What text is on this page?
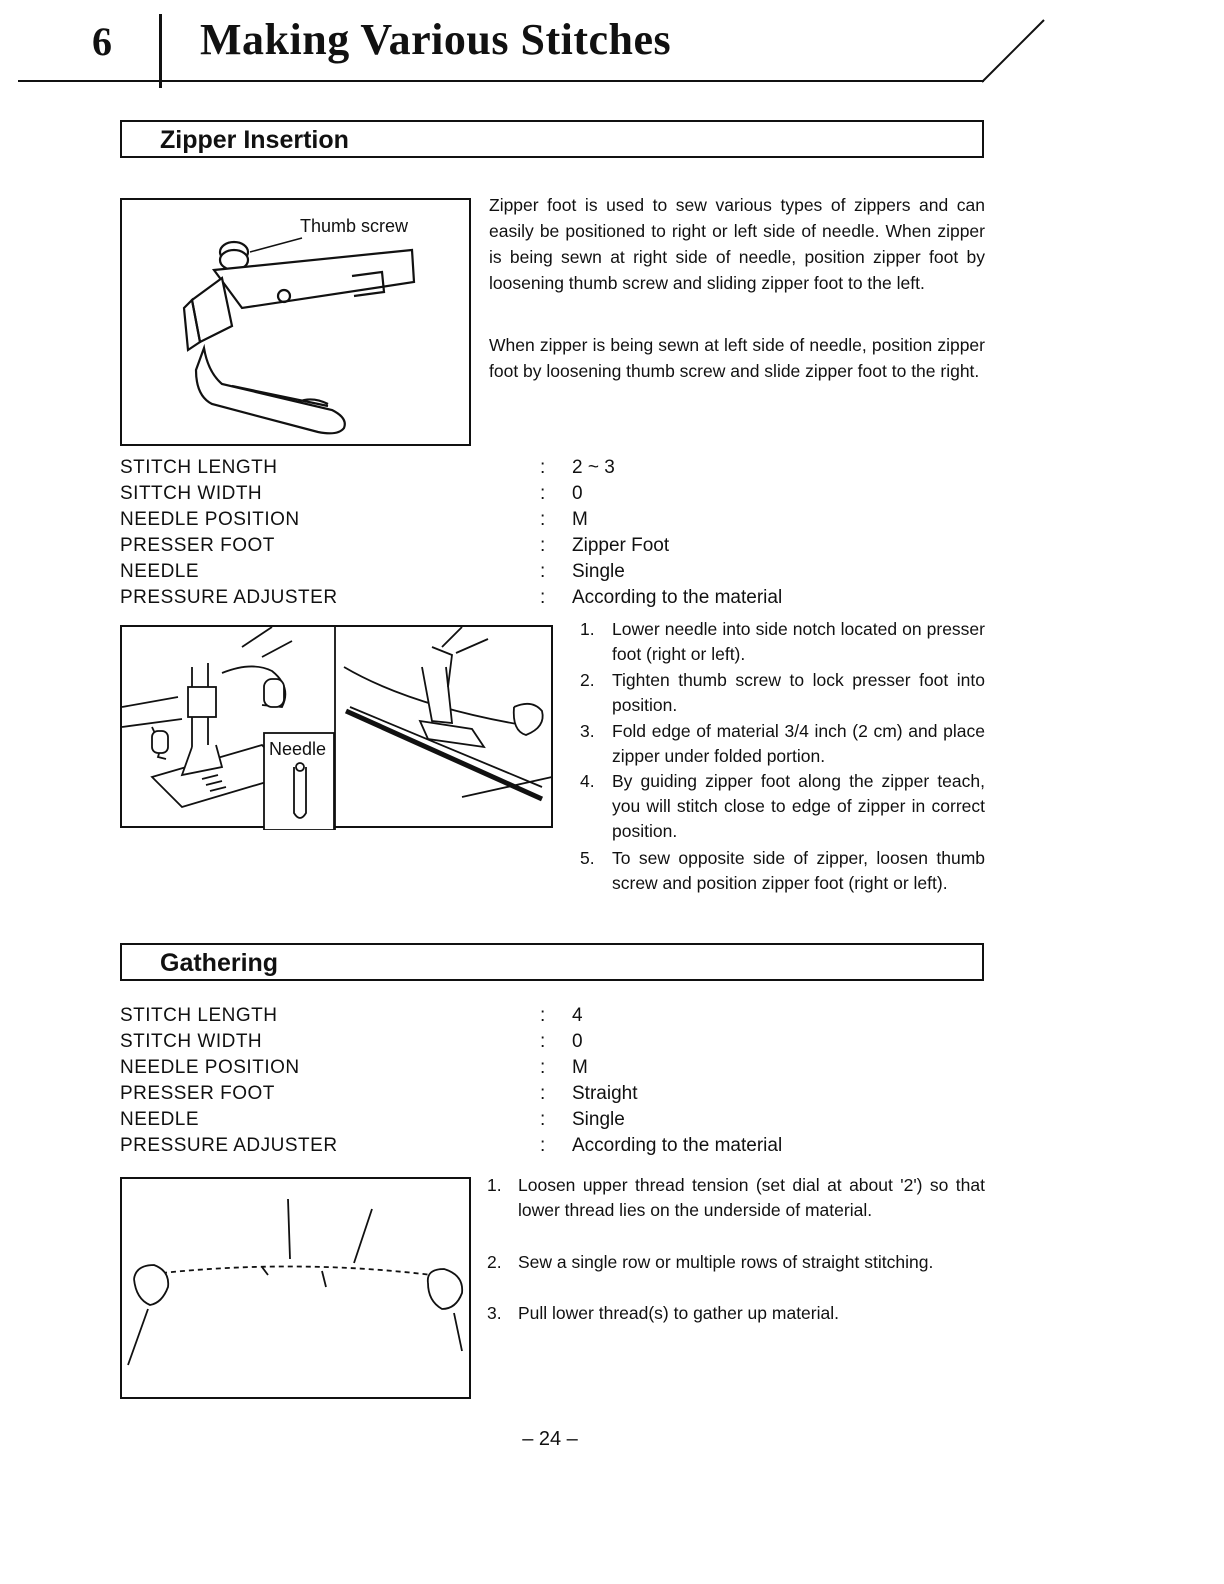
6 Making Various Stitches
Zipper Insertion
Thumb screw
Zipper foot is used to sew various types of zippers and can easily be positioned to right or left side of needle. When zipper is being sewn at right side of needle, position zipper foot by loosening thumb screw and sliding zipper foot to the left.
When zipper is being sewn at left side of needle, position zipper foot by loosening thumb screw and slide zipper foot to the right.
STITCH LENGTH
SITTCH WIDTH
NEEDLE POSITION
PRESSER FOOT
NEEDLE
PRESSURE ADJUSTER
:
:
:
:
:
:
2 ~ 3
0
M
Zipper Foot
Single
According to the material
Needle
1. Lower needle into side notch located on presser foot (right or left).
2. Tighten thumb screw to lock presser foot into position.
3. Fold edge of material 3/4 inch (2 cm) and place zipper under folded portion.
4. By guiding zipper foot along the zipper teach, you will stitch close to edge of zipper in correct position.
5. To sew opposite side of zipper, loosen thumb screw and position zipper foot (right or left).
Gathering
STITCH LENGTH
STITCH WIDTH
NEEDLE POSITION
PRESSER FOOT
NEEDLE
PRESSURE ADJUSTER
:
:
:
:
:
:
4
0
M
Straight
Single
According to the material
1. Loosen upper thread tension (set dial at about '2') so that lower thread lies on the underside of material.
2. Sew a single row or multiple rows of straight stitching.
3. Pull lower thread(s) to gather up material.
– 24 –
